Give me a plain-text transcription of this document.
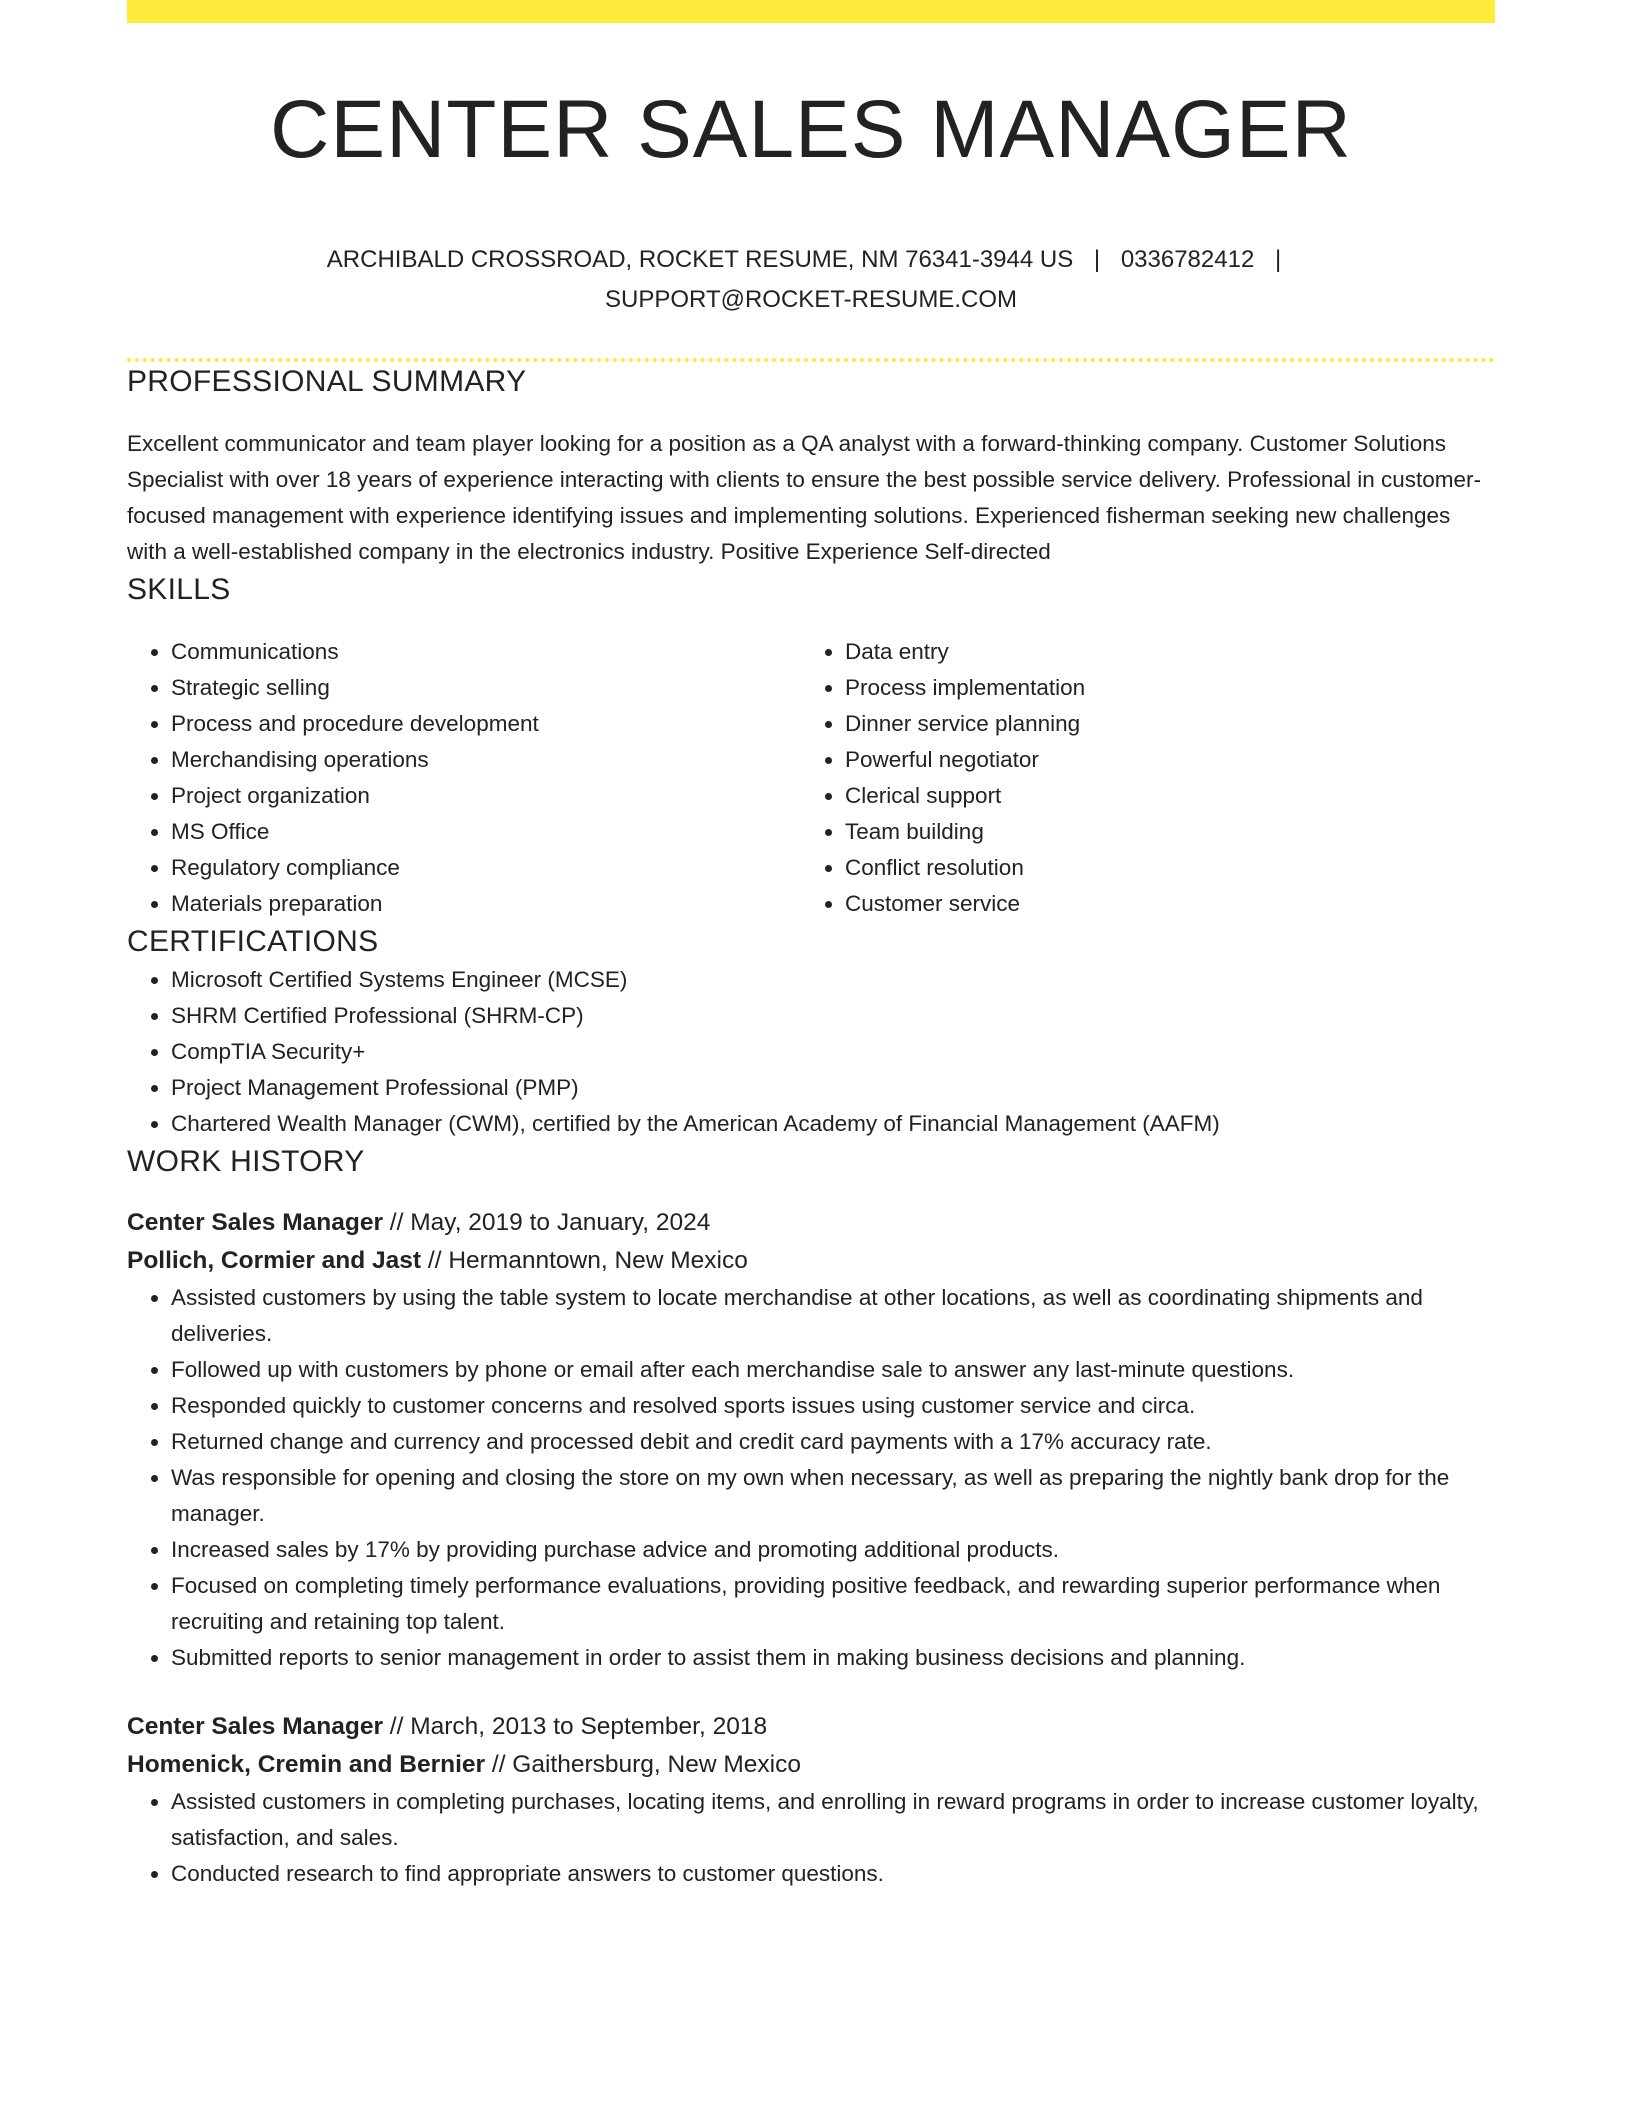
CENTER SALES MANAGER
ARCHIBALD CROSSROAD, ROCKET RESUME, NM 76341-3944 US | 0336782412 |
SUPPORT@ROCKET-RESUME.COM
PROFESSIONAL SUMMARY

Excellent communicator and team player looking for a position as a QA analyst with a forward-thinking company. Customer Solutions Specialist with over 18 years of experience interacting with clients to ensure the best possible service delivery. Professional in customer-focused management with experience identifying issues and implementing solutions. Experienced fisherman seeking new challenges with a well-established company in the electronics industry. Positive Experience Self-directed

SKILLS
• Communications
• Strategic selling
• Process and procedure development
• Merchandising operations
• Project organization
• MS Office
• Regulatory compliance
• Materials preparation
• Data entry
• Process implementation
• Dinner service planning
• Powerful negotiator
• Clerical support
• Team building
• Conflict resolution
• Customer service
CERTIFICATIONS
• Microsoft Certified Systems Engineer (MCSE)
• SHRM Certified Professional (SHRM-CP)
• CompTIA Security+
• Project Management Professional (PMP)
• Chartered Wealth Manager (CWM), certified by the American Academy of Financial Management (AAFM)
WORK HISTORY
Center Sales Manager // May, 2019 to January, 2024
Pollich, Cormier and Jast // Hermanntown, New Mexico
• Assisted customers by using the table system to locate merchandise at other locations, as well as coordinating shipments and deliveries.
• Followed up with customers by phone or email after each merchandise sale to answer any last-minute questions.
• Responded quickly to customer concerns and resolved sports issues using customer service and circa.
• Returned change and currency and processed debit and credit card payments with a 17% accuracy rate.
• Was responsible for opening and closing the store on my own when necessary, as well as preparing the nightly bank drop for the manager.
• Increased sales by 17% by providing purchase advice and promoting additional products.
• Focused on completing timely performance evaluations, providing positive feedback, and rewarding superior performance when recruiting and retaining top talent.
• Submitted reports to senior management in order to assist them in making business decisions and planning.
Center Sales Manager // March, 2013 to September, 2018
Homenick, Cremin and Bernier // Gaithersburg, New Mexico
• Assisted customers in completing purchases, locating items, and enrolling in reward programs in order to increase customer loyalty, satisfaction, and sales.
• Conducted research to find appropriate answers to customer questions.
